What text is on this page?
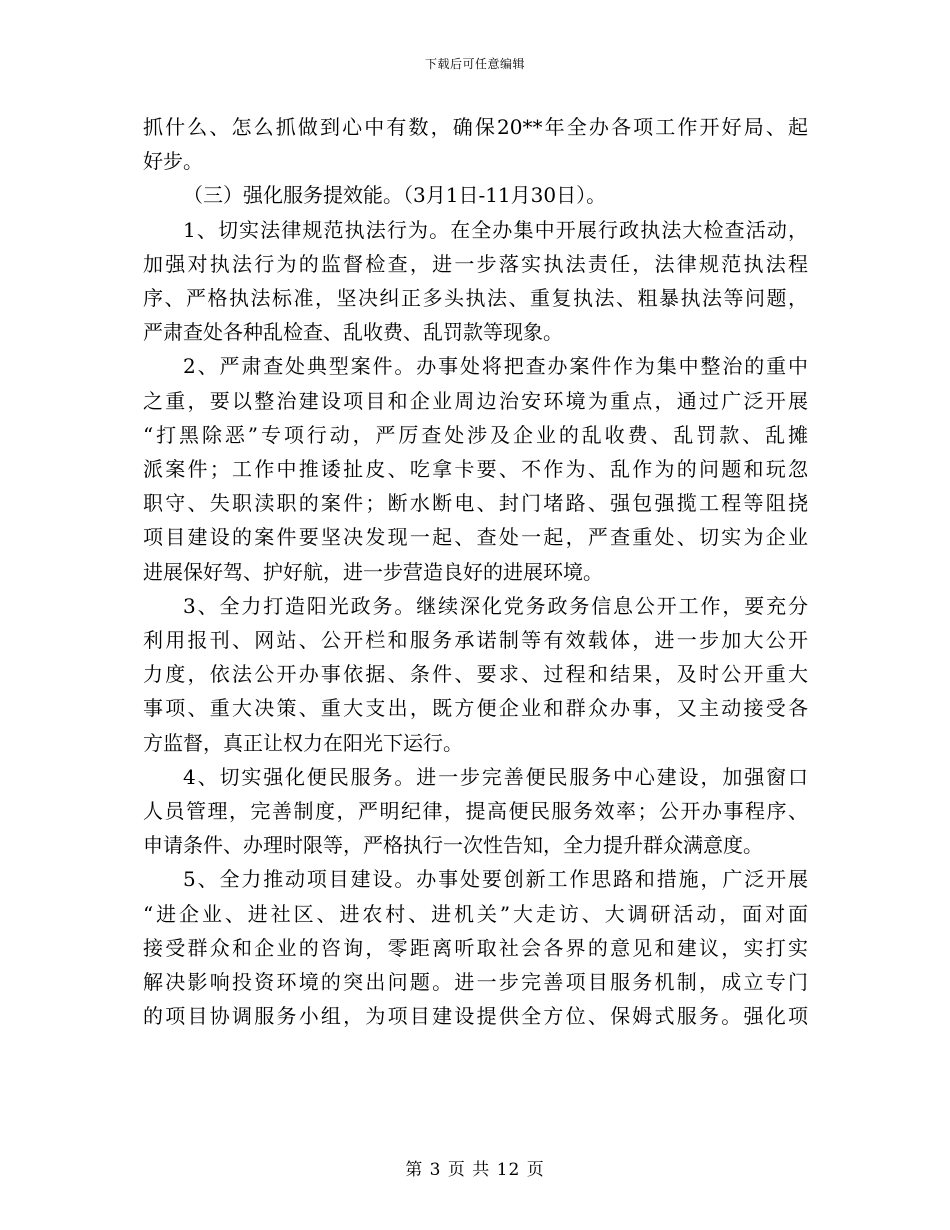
下载后可任意编辑
抓什么、怎么抓做到心中有数，确保20**年全办各项工作开好局、起
好步。
（三）强化服务提效能。（3月1日-11月30日）。
1、切实法律规范执法行为。在全办集中开展行政执法大检查活动，
加强对执法行为的监督检查，进一步落实执法责任，法律规范执法程
序、严格执法标准，坚决纠正多头执法、重复执法、粗暴执法等问题，
严肃查处各种乱检查、乱收费、乱罚款等现象。
2、严肃查处典型案件。办事处将把查办案件作为集中整治的重中
之重，要以整治建设项目和企业周边治安环境为重点，通过广泛开展
“打黑除恶”专项行动，严厉查处涉及企业的乱收费、乱罚款、乱摊
派案件；工作中推诿扯皮、吃拿卡要、不作为、乱作为的问题和玩忽
职守、失职渎职的案件；断水断电、封门堵路、强包强揽工程等阻挠
项目建设的案件要坚决发现一起、查处一起，严查重处、切实为企业
进展保好驾、护好航，进一步营造良好的进展环境。
3、全力打造阳光政务。继续深化党务政务信息公开工作，要充分
利用报刊、网站、公开栏和服务承诺制等有效载体，进一步加大公开
力度，依法公开办事依据、条件、要求、过程和结果，及时公开重大
事项、重大决策、重大支出，既方便企业和群众办事，又主动接受各
方监督，真正让权力在阳光下运行。
4、切实强化便民服务。进一步完善便民服务中心建设，加强窗口
人员管理，完善制度，严明纪律，提高便民服务效率；公开办事程序、
申请条件、办理时限等，严格执行一次性告知，全力提升群众满意度。
5、全力推动项目建设。办事处要创新工作思路和措施，广泛开展
“进企业、进社区、进农村、进机关”大走访、大调研活动，面对面
接受群众和企业的咨询，零距离听取社会各界的意见和建议，实打实
解决影响投资环境的突出问题。进一步完善项目服务机制，成立专门
的项目协调服务小组，为项目建设提供全方位、保姆式服务。强化项
第 3 页 共 12 页
